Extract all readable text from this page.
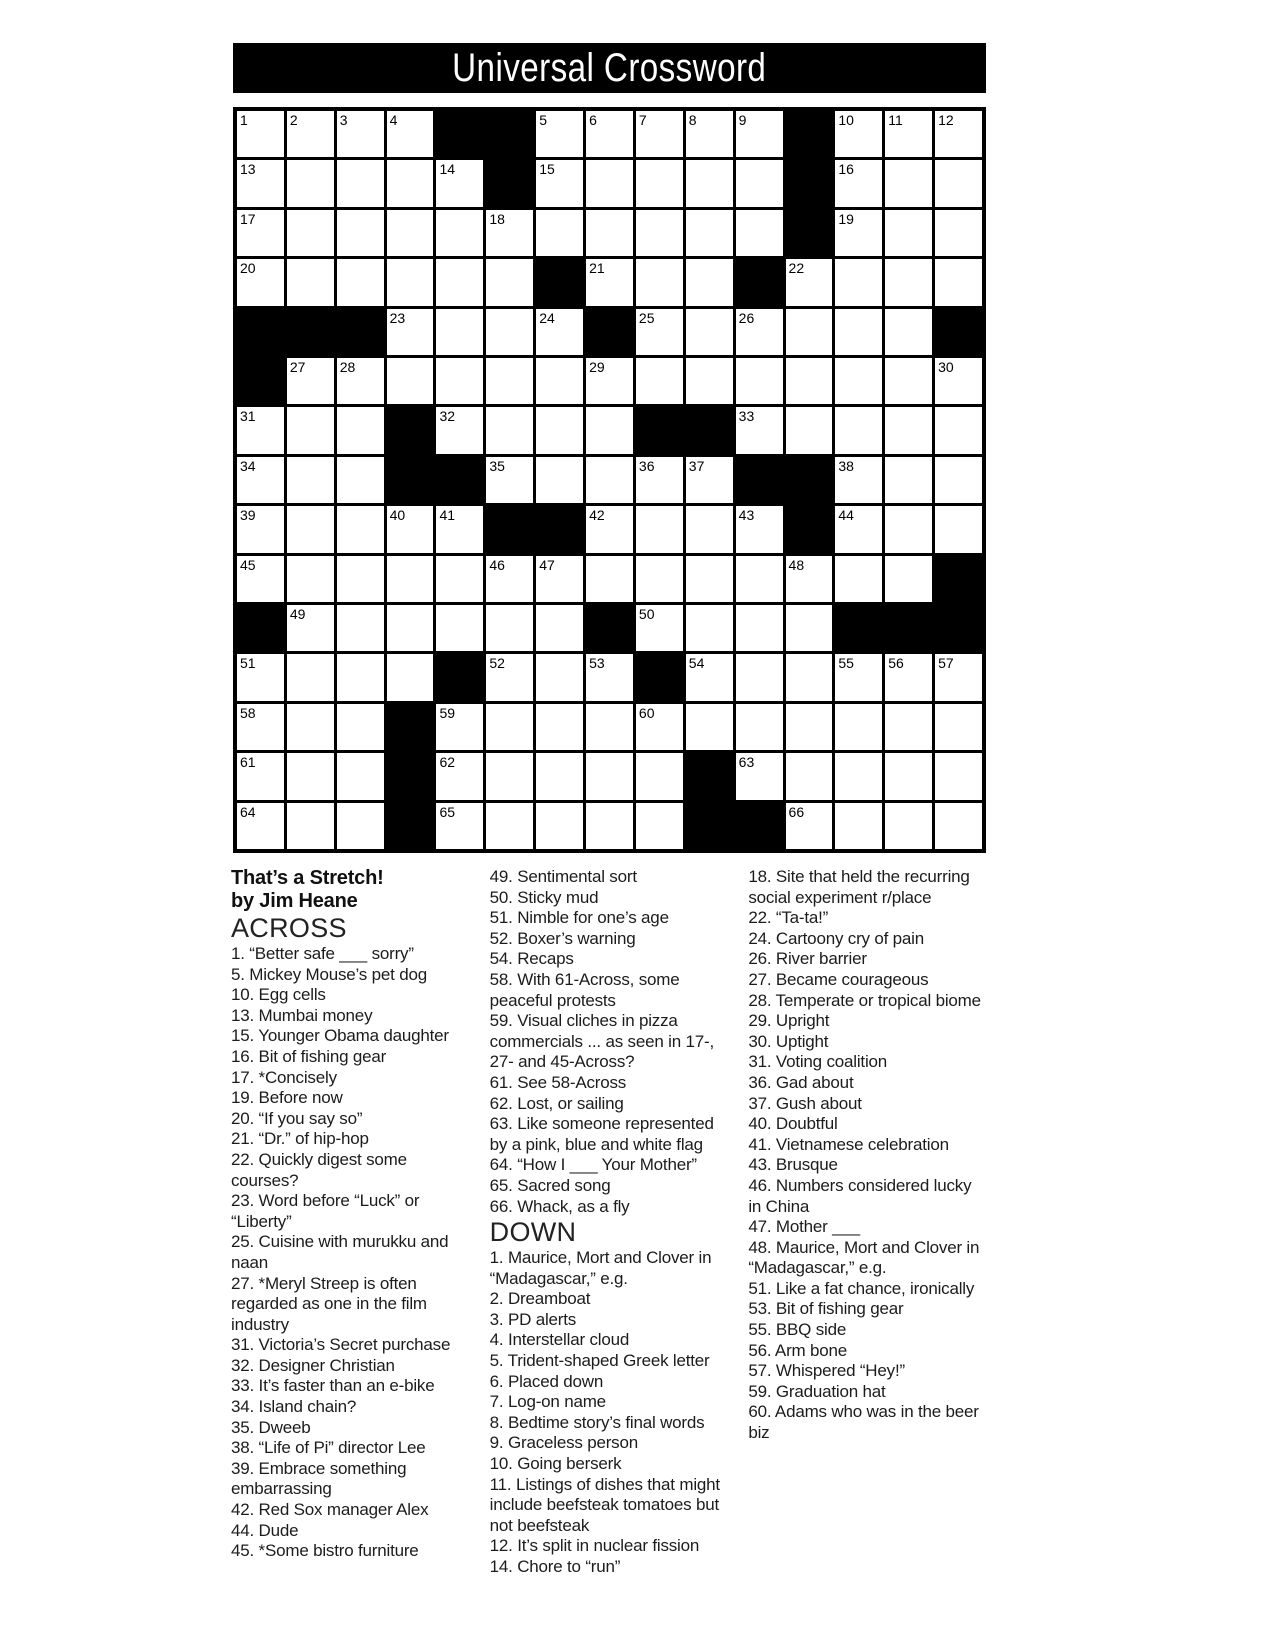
Universal Crossword
1	2	3	4	5	6	7	8	9	10 11	12
13	14	15	16
17	18	19
20	21	22
23	24	25	26
27 28	29	30
31	32	33
34	35	36 37	38
39	40 41	42	43	44
45	46 47	48
49	50
51	52	53	54	55 56 57
58	59	60
61	62	63
64	65	66
That’s a Stretch!
by Jim Heane
ACROSS
1. “Better safe ___ sorry”
5. Mickey Mouse’s pet dog
10. Egg cells
13. Mumbai money
15. Younger Obama daughter
16. Bit of fishing gear
17. *Concisely
19. Before now
20. “If you say so”
21. “Dr.” of hip-hop
22. Quickly digest some courses?
23. Word before “Luck” or “Liberty”
25. Cuisine with murukku and naan
27. *Meryl Streep is often regarded as one in the film industry
31. Victoria’s Secret purchase
32. Designer Christian
33. It’s faster than an e-bike
34. Island chain?
35. Dweeb
38. “Life of Pi” director Lee
39. Embrace something embarrassing
42. Red Sox manager Alex
44. Dude
45. *Some bistro furniture
49. Sentimental sort
50. Sticky mud
51. Nimble for one’s age
52. Boxer’s warning
54. Recaps
58. With 61-Across, some peaceful protests
59. Visual cliches in pizza commercials ... as seen in 17-, 27- and 45-Across?
61. See 58-Across
62. Lost, or sailing
63. Like someone represented by a pink, blue and white flag
64. “How I ___ Your Mother”
65. Sacred song
66. Whack, as a fly
DOWN
1. Maurice, Mort and Clover in “Madagascar,” e.g.
2. Dreamboat
3. PD alerts
4. Interstellar cloud
5. Trident-shaped Greek letter
6. Placed down
7. Log-on name
8. Bedtime story’s final words
9. Graceless person
10. Going berserk
11. Listings of dishes that might include beefsteak tomatoes but not beefsteak
12. It’s split in nuclear fission
14. Chore to “run”
18. Site that held the recurring social experiment r/place
22. “Ta-ta!”
24. Cartoony cry of pain
26. River barrier
27. Became courageous
28. Temperate or tropical biome
29. Upright
30. Uptight
31. Voting coalition
36. Gad about
37. Gush about
40. Doubtful
41. Vietnamese celebration
43. Brusque
46. Numbers considered lucky in China
47. Mother ___
48. Maurice, Mort and Clover in “Madagascar,” e.g.
51. Like a fat chance, ironically
53. Bit of fishing gear
55. BBQ side
56. Arm bone
57. Whispered “Hey!”
59. Graduation hat
60. Adams who was in the beer biz
